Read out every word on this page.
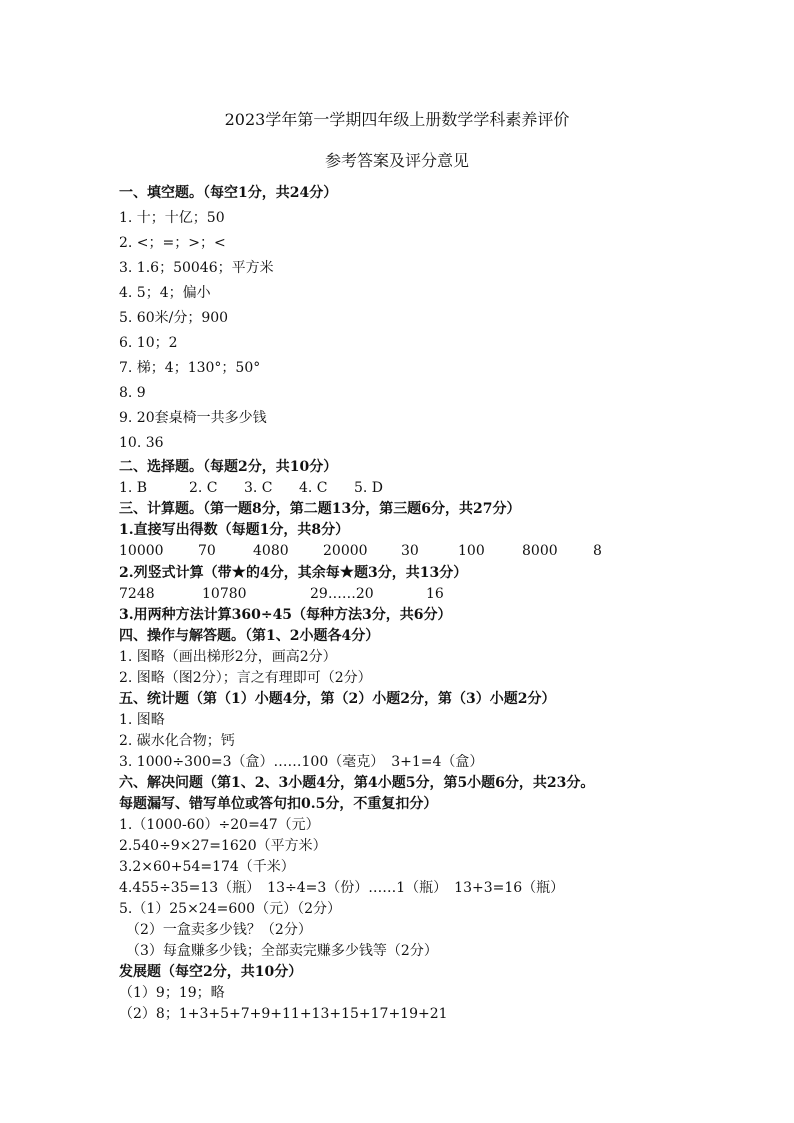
2023学年第一学期四年级上册数学学科素养评价
参考答案及评分意见
一、填空题。（每空1分，共24分）
1. 十；十亿；50
2. <；=；>；<
3. 1.6；50046；平方米
4. 5；4；偏小
5. 60米/分；900
6. 10；2
7. 梯；4；130°；50°
8. 9
9. 20套桌椅一共多少钱
10. 36
二、选择题。（每题2分，共10分）
1. B	2. C 3. C 4. C 5. D
三、计算题。（第一题8分，第二题13分，第三题6分，共27分）
1.直接写出得数（每题1分，共8分）
10000 70	4080 20000 30	100	8000	8
2.列竖式计算（带★的4分，其余每★题3分，共13分）
7248	10780	29……20	16
3.用两种方法计算360÷45（每种方法3分，共6分）
四、操作与解答题。（第1、2小题各4分）
1. 图略（画出梯形2分，画高2分）
2. 图略（图2分）；言之有理即可（2分）
五、统计题（第（1）小题4分，第（2）小题2分，第（3）小题2分）
1. 图略
2. 碳水化合物；钙
3. 1000÷300=3（盒）……100（毫克）　3+1=4（盒）
六、解决问题（第1、2、3小题4分，第4小题5分，第5小题6分，共23分。
每题漏写、错写单位或答句扣0.5分，不重复扣分）
1.（1000-60）÷20=47（元）
2.540÷9×27=1620（平方米）
3.2×60+54=174（千米）
4.455÷35=13（瓶）　13÷4=3（份）……1（瓶）　13+3=16（瓶）
5.（1）25×24=600（元）（2分）
　（2）一盒卖多少钱？（2分）
　（3）每盒赚多少钱；全部卖完赚多少钱等（2分）
发展题（每空2分，共10分）
（1）9；19；略
（2）8；1+3+5+7+9+11+13+15+17+19+21
